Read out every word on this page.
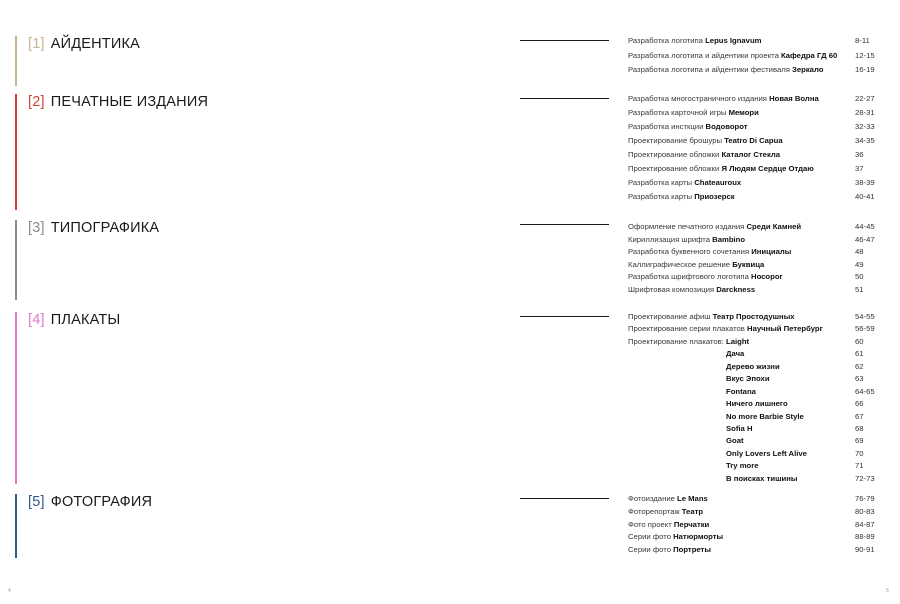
[1] АЙДЕНТИКА	Разработка логотипа Lepus Ignavum	8-11
Разработка логотипа и айдентики проекта Кафедра ГД 60 12-15
Разработка логотипа и айдентики фестиваля Зеркало	16-19
[2] ПЕЧАТНЫЕ ИЗДАНИЯ	Разработка многостраничного издания Новая Волна	22-27
Разработка карточной игры Мемори	28-31
Разработка инсткции Водоворот	32-33
Проектирование брошуры Teatro Di Capua	34-35
Проектирование обложки Каталог Стекла	36
Проектирование обложки Я Людям Сердце Отдаю	37
Разработка карты Chateauroux	38-39
Разработка карты Приозерск	40-41
[3] ТИПОГРАФИКА	Оформление печатного издания Среди Камней	44-45
Кириллизация шрифта Bambino	46-47
Разработка буквенного сочетания Инициалы	48
Каллиграфическое решение Буквица	49
Разработка шрифтового логотипа Носорог	50
Шрифтовая композиция Darckness	51
[4] ПЛАКАТЫ	Проектирование афиш Театр Простодушных	54-55
Проектирование серии плакатов Научный Петербург	56-59
Проектирование плакатов: Laight	60
Дача	61
Дерево жизни	62
Вкус Эпохи	63
Fontana	64-65
Ничего лишнего	66
No more Barbie Style	67
Sofia H	68
Goat	69
Only Lovers Left Alive	70
Try more	71
В поисках тишины	72-73
[5] ФОТОГРАФИЯ	Фотоиздание Le Mans	76-79
Фоторепортаж Театр	80-83
Фото проект Перчатки	84-87
Серии фото Натюрморты	88-89
Серии фото Портреты	90-91
4	5
